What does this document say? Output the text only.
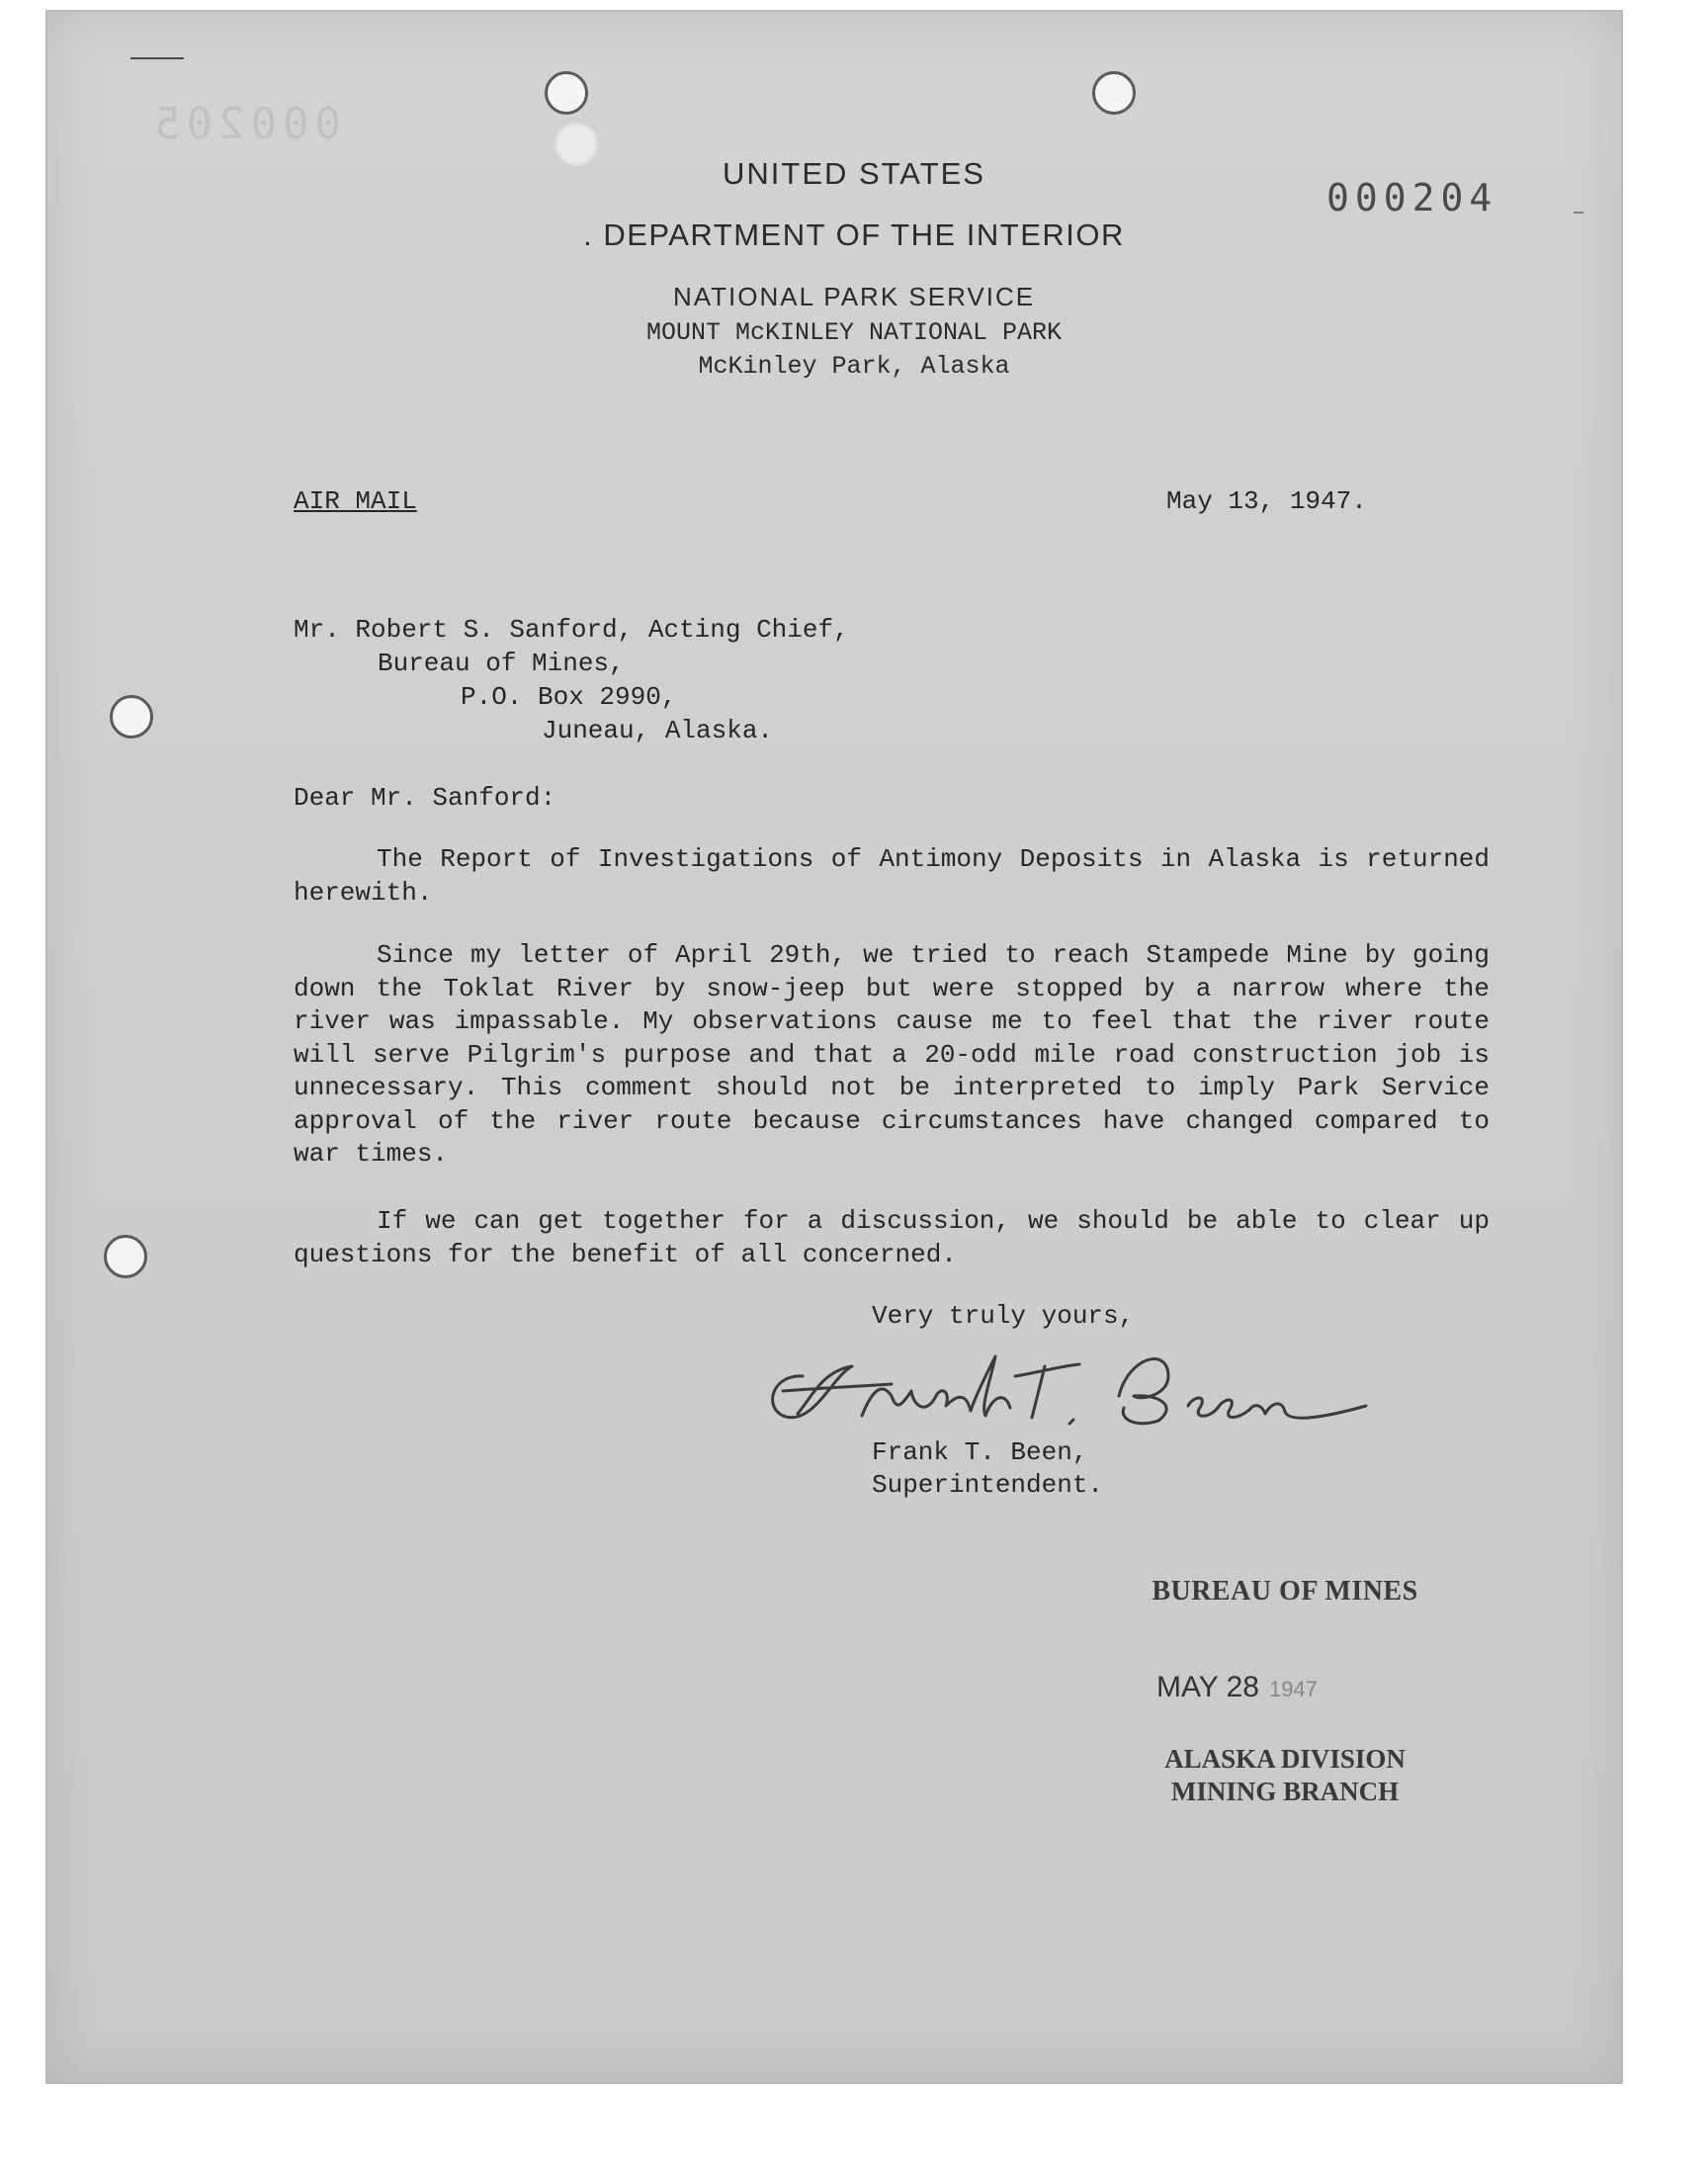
000205
000204
UNITED STATES
. DEPARTMENT OF THE INTERIOR
NATIONAL PARK SERVICE
MOUNT McKINLEY NATIONAL PARK
McKinley Park, Alaska
AIR MAIL	May 13, 1947.
Mr. Robert S. Sanford, Acting Chief,
Bureau of Mines,
P.O. Box 2990,
Juneau, Alaska.
Dear Mr. Sanford:

The Report of Investigations of Antimony Deposits in Alaska is returned herewith.

Since my letter of April 29th, we tried to reach Stampede Mine by going down the Toklat River by snow-jeep but were stopped by a narrow where the river was impassable. My observations cause me to feel that the river route will serve Pilgrim's purpose and that a 20-odd mile road construction job is unnecessary. This comment should not be interpreted to imply Park Service approval of the river route because circumstances have changed compared to war times.

If we can get together for a discussion, we should be able to clear up questions for the benefit of all concerned.

Very truly yours,
Frank T. Been,
Superintendent.
BUREAU OF MINES
MAY 28 1947
ALASKA DIVISION
MINING BRANCH
